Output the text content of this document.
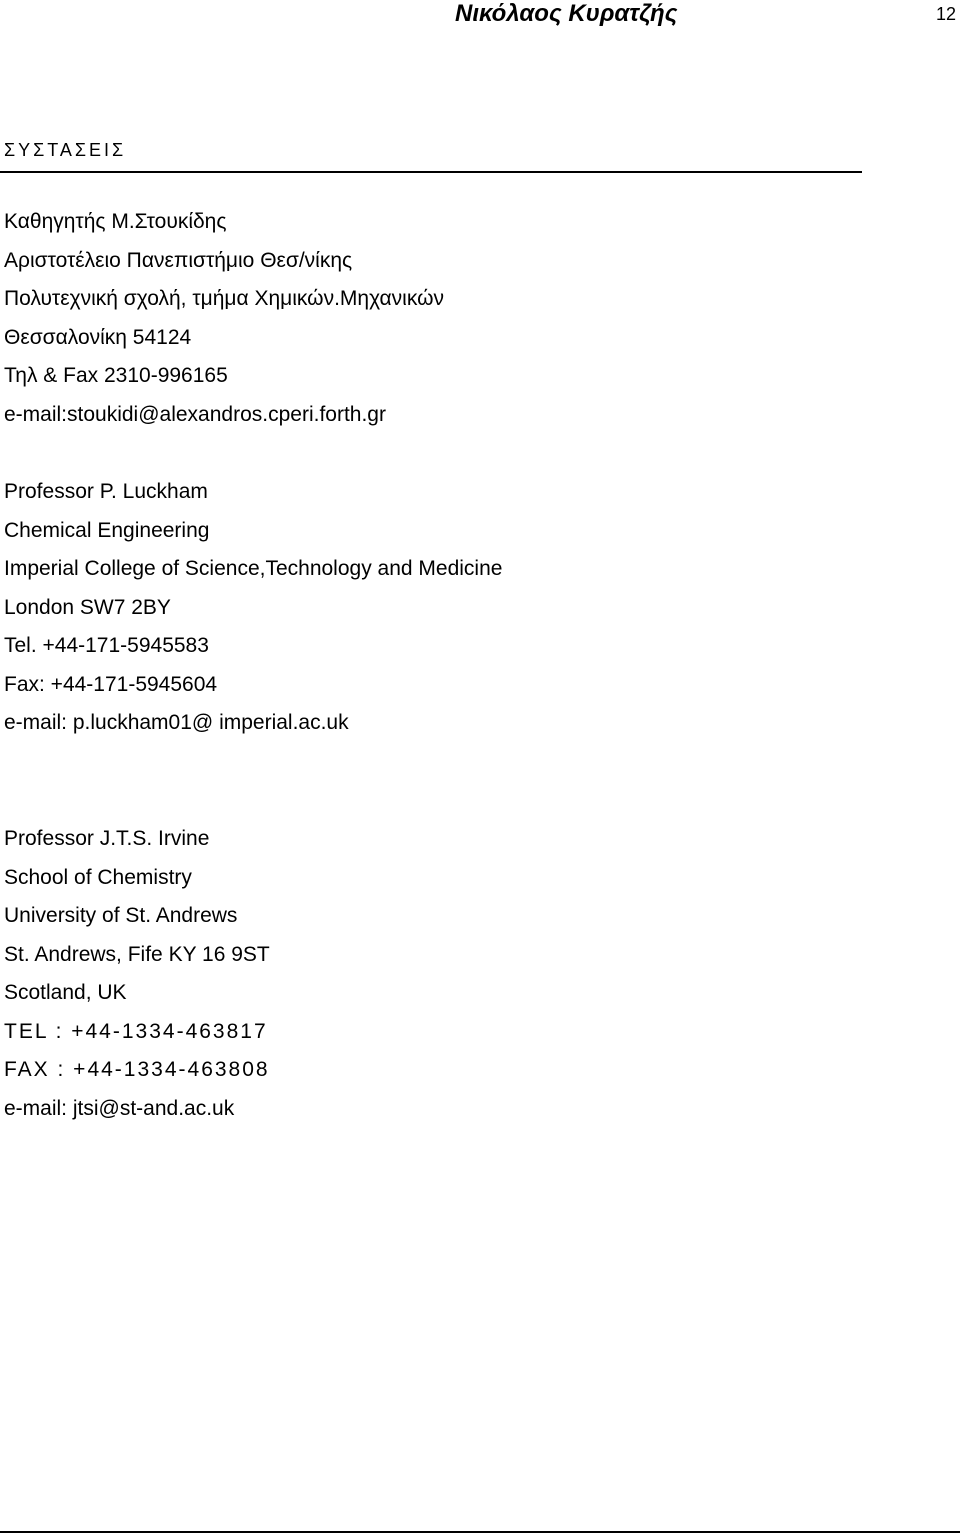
Νικόλαος Κυρατζής	12
ΣΥΣΤΑΣΕΙΣ
Καθηγητής Μ.Στουκίδης
Αριστοτέλειο Πανεπιστήμιο Θεσ/νίκης
Πολυτεχνική σχολή, τμήμα Χημικών.Μηχανικών
Θεσσαλονίκη 54124
Τηλ & Fax 2310-996165
e-mail:stoukidi@alexandros.cperi.forth.gr
Professor P. Luckham
Chemical Engineering
Imperial College of Science,Technology and Medicine
London SW7 2BY
Tel. +44-171-5945583
Fax: +44-171-5945604
e-mail: p.luckham01@ imperial.ac.uk
Professor J.T.S. Irvine
School of Chemistry
University of St. Andrews
St. Andrews, Fife KY 16 9ST
Scotland, UK
TEL : +44-1334-463817
FAX : +44-1334-463808
e-mail: jtsi@st-and.ac.uk
